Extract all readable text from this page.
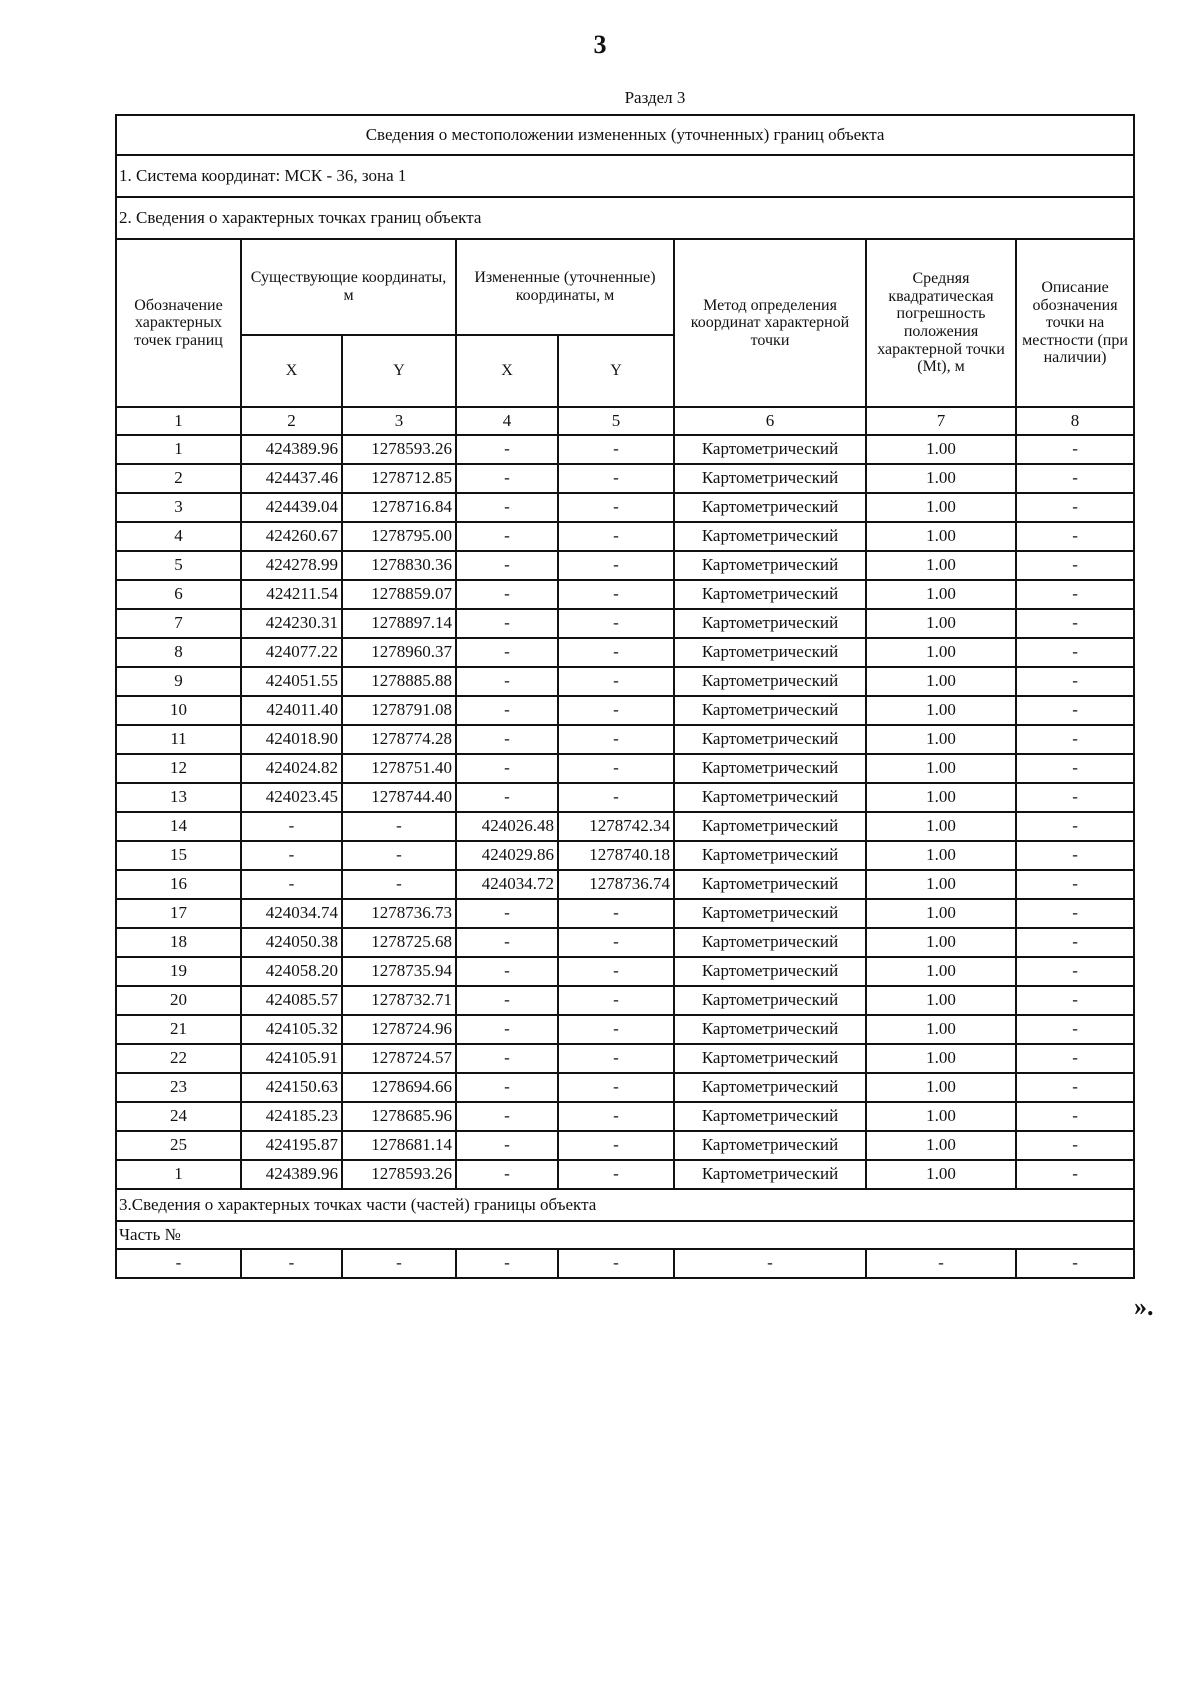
3
Раздел 3
Сведения о местоположении измененных (уточненных) границ объекта							
1. Система координат: МСК - 36, зона 1							
2. Сведения о характерных точках границ объекта							
Обозначение характерных точек границ	Существующие координаты, м		Измененные (уточненные) координаты, м		Метод определения координат характерной точки	Средняя квадратическая погрешность положения характерной точки (Mt), м	Описание обозначения точки на местности (при наличии)
	X	Y	X	Y			
1	2	3	4	5	6	7	8
1	424389.96	1278593.26	-	-	Картометрический	1.00	-
2	424437.46	1278712.85	-	-	Картометрический	1.00	-
3	424439.04	1278716.84	-	-	Картометрический	1.00	-
4	424260.67	1278795.00	-	-	Картометрический	1.00	-
5	424278.99	1278830.36	-	-	Картометрический	1.00	-
6	424211.54	1278859.07	-	-	Картометрический	1.00	-
7	424230.31	1278897.14	-	-	Картометрический	1.00	-
8	424077.22	1278960.37	-	-	Картометрический	1.00	-
9	424051.55	1278885.88	-	-	Картометрический	1.00	-
10	424011.40	1278791.08	-	-	Картометрический	1.00	-
11	424018.90	1278774.28	-	-	Картометрический	1.00	-
12	424024.82	1278751.40	-	-	Картометрический	1.00	-
13	424023.45	1278744.40	-	-	Картометрический	1.00	-
14	-	-	424026.48	1278742.34	Картометрический	1.00	-
15	-	-	424029.86	1278740.18	Картометрический	1.00	-
16	-	-	424034.72	1278736.74	Картометрический	1.00	-
17	424034.74	1278736.73	-	-	Картометрический	1.00	-
18	424050.38	1278725.68	-	-	Картометрический	1.00	-
19	424058.20	1278735.94	-	-	Картометрический	1.00	-
20	424085.57	1278732.71	-	-	Картометрический	1.00	-
21	424105.32	1278724.96	-	-	Картометрический	1.00	-
22	424105.91	1278724.57	-	-	Картометрический	1.00	-
23	424150.63	1278694.66	-	-	Картометрический	1.00	-
24	424185.23	1278685.96	-	-	Картометрический	1.00	-
25	424195.87	1278681.14	-	-	Картометрический	1.00	-
1	424389.96	1278593.26	-	-	Картометрический	1.00	-
3.Сведения о характерных точках части (частей) границы объекта							
Часть №							
-	-	-	-	-	-	-	-
».
